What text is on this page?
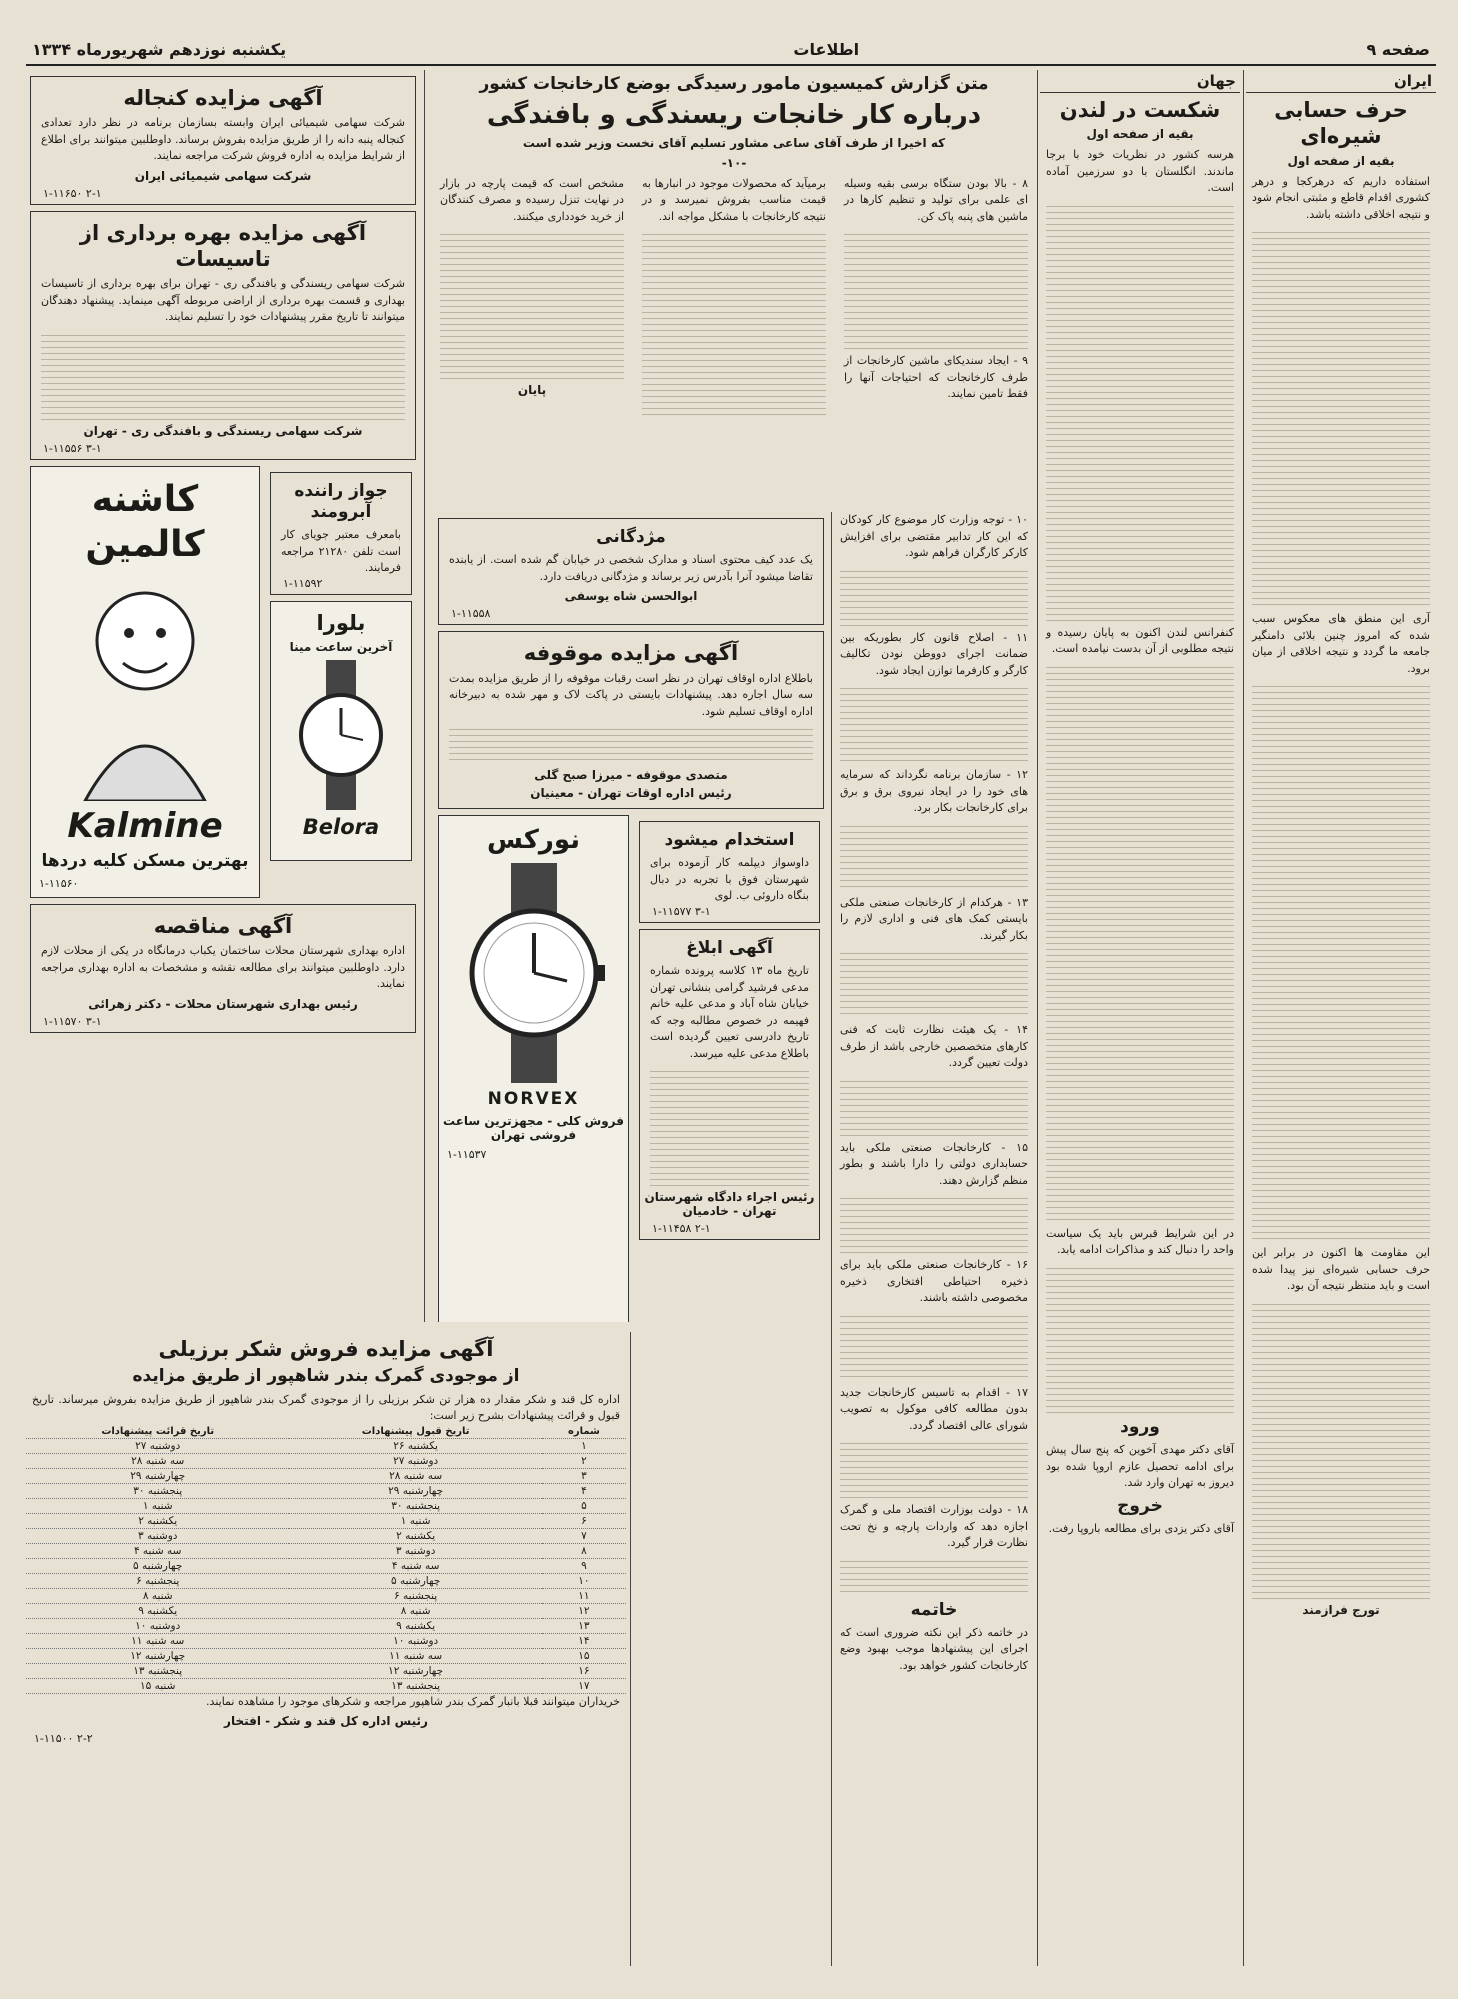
صفحه ۹
اطلاعات
یکشنبه نوزدهم شهریورماه ۱۳۳۴
ایران
حرف حسابی شیره‌ای
بقیه از صفحه اول

استفاده داریم که درهرکجا و درهر کشوری اقدام قاطع و مثبتی انجام شود و نتیجه اخلاقی داشته باشد.

آری این منطق های معکوس سبب شده که امروز چنین بلائی دامنگیر جامعه ما گردد و نتیجه اخلاقی از میان برود.

این مقاومت ها اکنون در برابر این حرف حسابی شیره‌ای نیز پیدا شده است و باید منتظر نتیجه آن بود.

تورج فرازمند
جهان
شکست در لندن
بقیه از صفحه اول

هرسه کشور در نظریات خود با برجا ماندند. انگلستان با دو سرزمین آماده است.

کنفرانس لندن اکنون به پایان رسیده و نتیجه مطلوبی از آن بدست نیامده است.

در این شرایط قبرس باید یک سیاست واحد را دنبال کند و مذاکرات ادامه یابد.

ورود

آقای دکتر مهدی آخوین که پنج سال پیش برای ادامه تحصیل عازم اروپا شده بود دیروز به تهران وارد شد.

خروج

آقای دکتر یزدی برای مطالعه باروپا رفت.

متن گزارش کمیسیون مامور رسیدگی بوضع کارخانجات کشور
درباره کار خانجات ریسندگی و بافندگی
که اخیرا از طرف آقای ساعی مشاور تسلیم آقای نخست وزیر شده است
-۱۰-

۸ - بالا بودن ستگاه برسی بقیه وسیله ای علمی برای تولید و تنظیم کارها در ماشین های پنبه پاک کن.

۹ - ایجاد سندیکای ماشین کارخانجات از طرف کارخانجات که احتیاجات آنها را فقط تامین نمایند.

برمیآید که محصولات موجود در انبارها به قیمت مناسب بفروش نمیرسد و در نتیجه کارخانجات با مشکل مواجه اند.

مشخص است که قیمت پارچه در بازار در نهایت تنزل رسیده و مصرف کنندگان از خرید خودداری میکنند.

پایان

۱۰ - توجه وزارت کار موضوع کار کودکان که این کار تدابیر مقتضی برای افزایش کارکر کارگران فراهم شود.

۱۱ - اصلاح قانون کار بطوریکه بین ضمانت اجرای دووطن نودن تکالیف کارگر و کارفرما توازن ایجاد شود.

۱۲ - سازمان برنامه نگرداند که سرمایه های خود را در ایجاد نیروی برق و برق برای کارخانجات بکار برد.

۱۳ - هرکدام از کارخانجات صنعتی ملکی بایستی کمک های فنی و اداری لازم را بکار گیرند.

۱۴ - یک هیئت نظارت ثابت که فنی کارهای متخصصین خارجی باشد از طرف دولت تعیین گردد.

۱۵ - کارخانجات صنعتی ملکی باید حسابداری دولتی را دارا باشند و بطور منظم گزارش دهند.

۱۶ - کارخانجات صنعتی ملکی باید برای ذخیره احتیاطی افتخاری ذخیره مخصوصی داشته باشند.

۱۷ - اقدام به تاسیس کارخانجات جدید بدون مطالعه کافی موکول به تصویب شورای عالی اقتصاد گردد.

۱۸ - دولت بوزارت اقتصاد ملی و گمرک اجازه دهد که واردات پارچه و نخ تحت نظارت قرار گیرد.

خاتمه

در خاتمه ذکر این نکته ضروری است که اجرای این پیشنهادها موجب بهبود وضع کارخانجات کشور خواهد بود.

مژدگانی

یک عدد کیف محتوی اسناد و مدارک شخصی در خیابان گم شده است. از یابنده تقاضا میشود آنرا بآدرس زیر برساند و مژدگانی دریافت دارد.

ابوالحسن شاه یوسفی
۱-۱۱۵۵۸
آگهی مزایده موقوفه

باطلاع اداره اوقاف تهران در نظر است رقبات موقوفه را از طریق مزایده بمدت سه سال اجاره دهد. پیشنهادات بایستی در پاکت لاک و مهر شده به دبیرخانه اداره اوقاف تسلیم شود.

متصدی موقوفه - میرزا صبح گلی
رئیس اداره اوقات تهران - معینیان
استخدام میشود

داوسواز دیپلمه کار آزموده برای شهرستان فوق با تجربه در دبال بنگاه داروئی ب. لوی

۱-۱۱۵۷۷ ۳-۱
آگهی ابلاغ

تاریخ ماه ۱۳ کلاسه پرونده شماره مدعی فرشید گرامی بنشانی تهران خیابان شاه آباد و مدعی علیه خانم فهیمه در خصوص مطالبه وجه که تاریخ دادرسی تعیین گردیده است باطلاع مدعی علیه میرسد.

رئیس اجراء دادگاه شهرستان تهران - خادمیان
۱-۱۱۴۵۸ ۲-۱
نورکس
NORVEX
فروش کلی - مجهزترین ساعت فروشی تهران
۱-۱۱۵۳۷
آگهی مزایده کنجاله

شرکت سهامی شیمیائی ایران وابسته بسازمان برنامه در نظر دارد تعدادی کنجاله پنبه دانه را از طریق مزایده بفروش برساند. داوطلبین میتوانند برای اطلاع از شرایط مزایده به اداره فروش شرکت مراجعه نمایند.

شرکت سهامی شیمیائی ایران
۱-۱۱۶۵۰ ۲-۱
آگهی مزایده بهره برداری از تاسیسات

شرکت سهامی ریسندگی و بافندگی ری - تهران برای بهره برداری از تاسیسات بهداری و قسمت بهره برداری از اراضی مربوطه آگهی مینماید. پیشنهاد دهندگان میتوانند تا تاریخ مقرر پیشنهادات خود را تسلیم نمایند.

شرکت سهامی ریسندگی و بافندگی ری - تهران
۱-۱۱۵۵۶ ۳-۱
جواز راننده آبرومند

بامعرف معتبر جویای کار است تلفن ۲۱۲۸۰ مراجعه فرمایند.

۱-۱۱۵۹۲
بلورا
آخرین ساعت مینا
Belora
کاشنه کالمین
Kalmine
بهترین مسکن کلیه دردها
۱-۱۱۵۶۰
آگهی مناقصه

اداره بهداری شهرستان محلات ساختمان یکباب درمانگاه در یکی از محلات لازم دارد. داوطلبین میتوانند برای مطالعه نقشه و مشخصات به اداره بهداری مراجعه نمایند.

رئیس بهداری شهرستان محلات - دکتر زهرائی
۱-۱۱۵۷۰ ۳-۱
آگهی مزایده فروش شکر برزیلی
از موجودی گمرک بندر شاهپور از طریق مزایده

اداره کل قند و شکر مقدار ده هزار تن شکر برزیلی را از موجودی گمرک بندر شاهپور از طریق مزایده بفروش میرساند. تاریخ قبول و قرائت پیشنهادات بشرح زیر است:

شماره	تاریخ قبول پیشنهادات	تاریخ قرائت پیشنهادات
۱	یکشنبه ۲۶	دوشنبه ۲۷
۲	دوشنبه ۲۷	سه شنبه ۲۸
۳	سه شنبه ۲۸	چهارشنبه ۲۹
۴	چهارشنبه ۲۹	پنجشنبه ۳۰
۵	پنجشنبه ۳۰	شنبه ۱
۶	شنبه ۱	یکشنبه ۲
۷	یکشنبه ۲	دوشنبه ۳
۸	دوشنبه ۳	سه شنبه ۴
۹	سه شنبه ۴	چهارشنبه ۵
۱۰	چهارشنبه ۵	پنجشنبه ۶
۱۱	پنجشنبه ۶	شنبه ۸
۱۲	شنبه ۸	یکشنبه ۹
۱۳	یکشنبه ۹	دوشنبه ۱۰
۱۴	دوشنبه ۱۰	سه شنبه ۱۱
۱۵	سه شنبه ۱۱	چهارشنبه ۱۲
۱۶	چهارشنبه ۱۲	پنجشنبه ۱۳
۱۷	پنجشنبه ۱۳	شنبه ۱۵

خریداران میتوانند قبلا بانبار گمرک بندر شاهپور مراجعه و شکرهای موجود را مشاهده نمایند.

رئیس اداره کل قند و شکر - افتخار
۱-۱۱۵۰۰ ۲-۲
